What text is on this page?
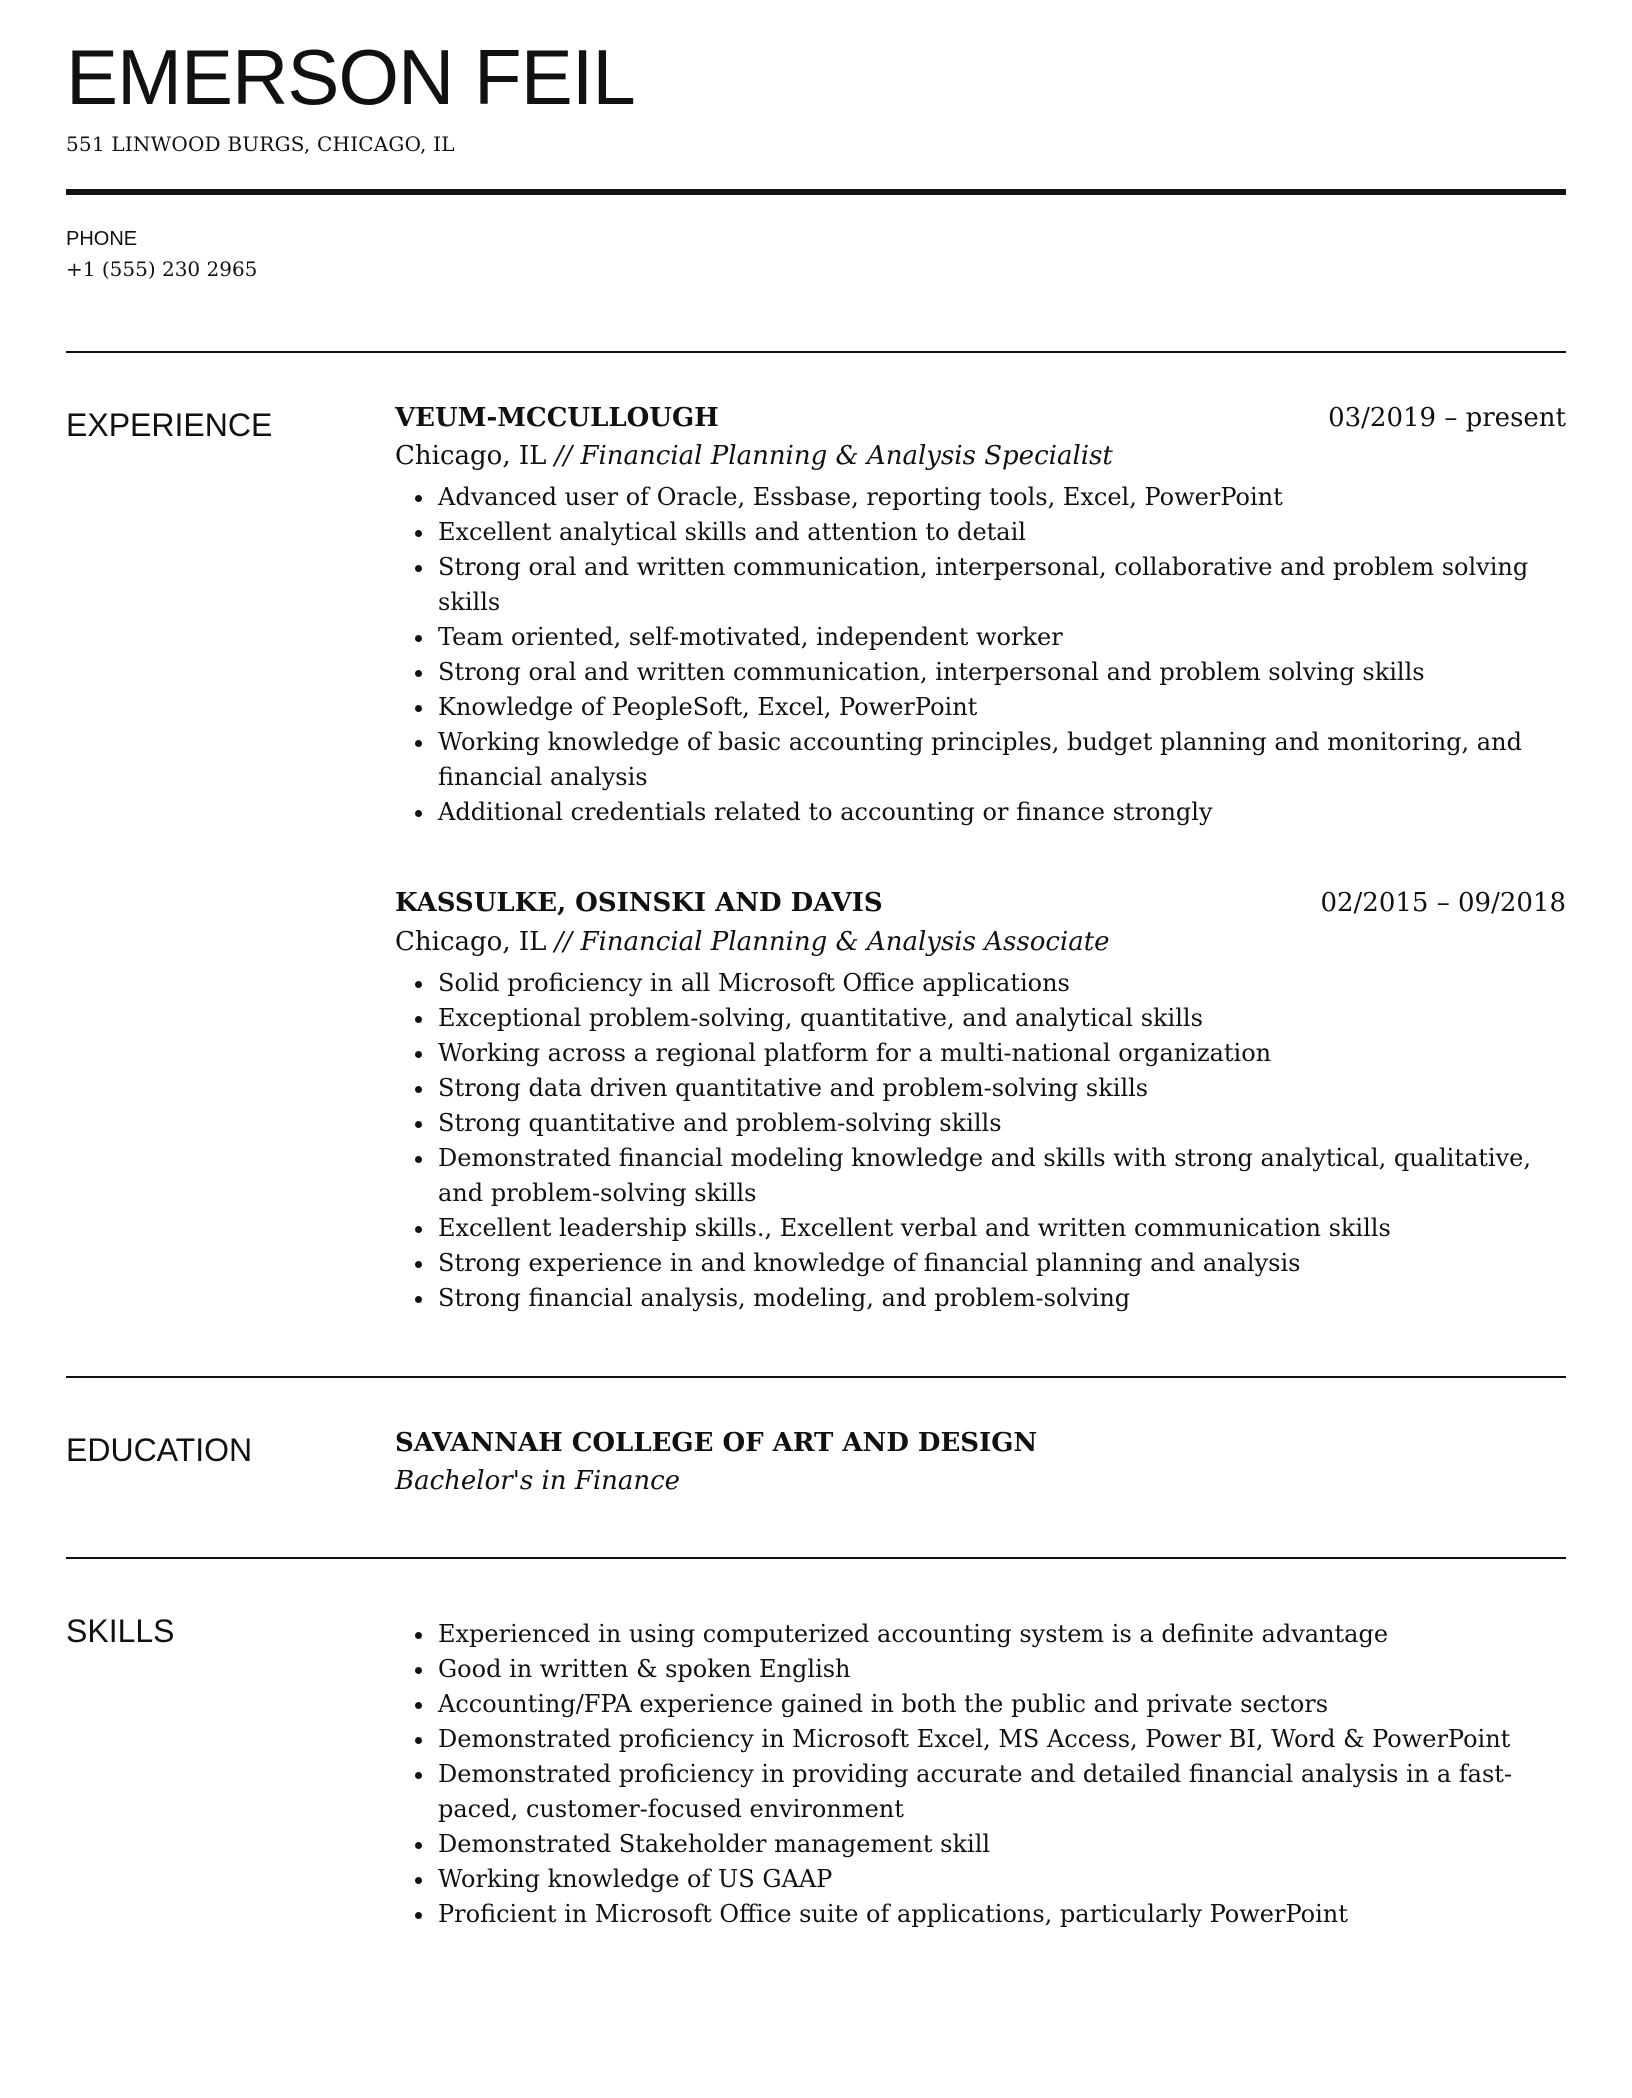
EMERSON FEIL
551 LINWOOD BURGS, CHICAGO, IL
PHONE
+1 (555) 230 2965
EXPERIENCE	VEUM-MCCULLOUGH	03/2019 – present
Chicago, IL // Financial Planning & Analysis Specialist
Advanced user of Oracle, Essbase, reporting tools, Excel, PowerPoint
Excellent analytical skills and attention to detail
Strong oral and written communication, interpersonal, collaborative and problem solving skills
Team oriented, self-motivated, independent worker
Strong oral and written communication, interpersonal and problem solving skills
Knowledge of PeopleSoft, Excel, PowerPoint
Working knowledge of basic accounting principles, budget planning and monitoring, and financial analysis
Additional credentials related to accounting or finance strongly
KASSULKE, OSINSKI AND DAVIS	02/2015 – 09/2018
Chicago, IL // Financial Planning & Analysis Associate
Solid proficiency in all Microsoft Office applications
Exceptional problem-solving, quantitative, and analytical skills
Working across a regional platform for a multi-national organization
Strong data driven quantitative and problem-solving skills
Strong quantitative and problem-solving skills
Demonstrated financial modeling knowledge and skills with strong analytical, qualitative, and problem-solving skills
Excellent leadership skills., Excellent verbal and written communication skills
Strong experience in and knowledge of financial planning and analysis
Strong financial analysis, modeling, and problem-solving
EDUCATION	SAVANNAH COLLEGE OF ART AND DESIGN
Bachelor's in Finance
SKILLS	Experienced in using computerized accounting system is a definite advantage
Good in written & spoken English
Accounting/FPA experience gained in both the public and private sectors
Demonstrated proficiency in Microsoft Excel, MS Access, Power BI, Word & PowerPoint
Demonstrated proficiency in providing accurate and detailed financial analysis in a fast-paced, customer-focused environment
Demonstrated Stakeholder management skill
Working knowledge of US GAAP
Proficient in Microsoft Office suite of applications, particularly PowerPoint
